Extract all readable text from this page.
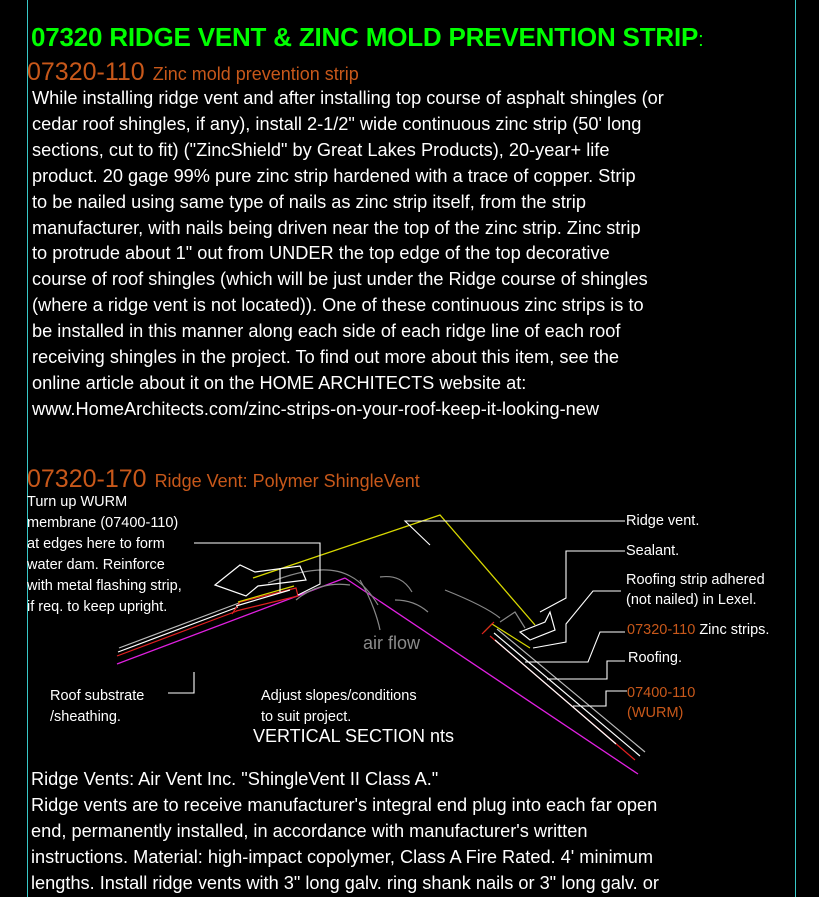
07320 RIDGE VENT & ZINC MOLD PREVENTION STRIP:
07320-110 Zinc mold prevention strip
While installing ridge vent and after installing top course of asphalt shingles (or
cedar roof shingles, if any), install 2-1/2" wide continuous zinc strip (50' long
sections, cut to fit) ("ZincShield" by Great Lakes Products), 20-year+ life
product. 20 gage 99% pure zinc strip hardened with a trace of copper. Strip
to be nailed using same type of nails as zinc strip itself, from the strip
manufacturer, with nails being driven near the top of the zinc strip. Zinc strip
to protrude about 1" out from UNDER the top edge of the top decorative
course of roof shingles (which will be just under the Ridge course of shingles
(where a ridge vent is not located)). One of these continuous zinc strips is to
be installed in this manner along each side of each ridge line of each roof
receiving shingles in the project. To find out more about this item, see the
online article about it on the HOME ARCHITECTS website at:
www.HomeArchitects.com/zinc-strips-on-your-roof-keep-it-looking-new
07320-170 Ridge Vent: Polymer ShingleVent
Turn up WURM
membrane (07400-110)
at edges here to form
water dam. Reinforce
with metal flashing strip,
if req. to keep upright.
Ridge vent.
Sealant.
Roofing strip adhered
(not nailed) in Lexel.
07320-110 Zinc strips.
Roofing.
07400-110
(WURM)
air flow
Roof substrate
/sheathing.
Adjust slopes/conditions
to suit project.
VERTICAL SECTION nts
Ridge Vents: Air Vent Inc. "ShingleVent II Class A."
Ridge vents are to receive manufacturer's integral end plug into each far open
end, permanently installed, in accordance with manufacturer's written
instructions. Material: high-impact copolymer, Class A Fire Rated. 4' minimum
lengths. Install ridge vents with 3" long galv. ring shank nails or 3" long galv. or
